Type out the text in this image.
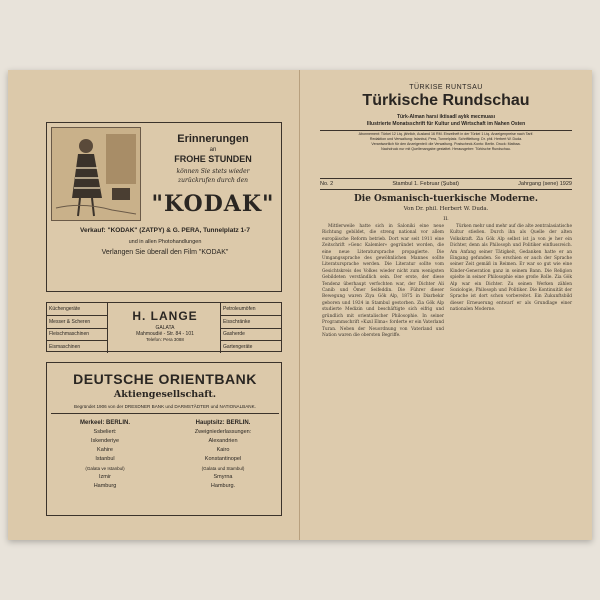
Erinnerungen
an
FROHE STUNDEN
können Sie stets wieder
zurückrufen durch den
"KODAK"
Verkauf: "KODAK" (ZATPY) & G. PERA, Tunnelplatz 1-7
und in allen Photohandlungen
Verlangen Sie überall den Film "KODAK"
Küchengeräte
Messer & Scheren
Fleischmaschinen
Eismaschinen
H. LANGE
GALATA
Mahmoudié - Str. 84 - 101
Telefon: Pera 3088
Petroleumöfen
Eisschränke
Gasherde
Gartengeräte
DEUTSCHE ORIENTBANK
Aktiengesellschaft.
Begründet 1906 von der DRESDNER BANK und DARMSTÄDTER und NATIONALBANK.
Merkeel: BERLIN.
Ssbeliert:
Iskenderiye
Kahire
Istanbul
(Galata ve Istanbul)
Izmir
Hamburg
Hauptsitz: BERLIN.
Zweigniederlassungen:
Alexandrien
Kairo
Konstantinopel
(Galata und Stambul)
Smyrna
Hamburg.
TÜRKISE RUNTSAU
Türkische Rundschau
Türk-Alman harsi iktisadî aylık mecmuası
Illustrierte Monatsschrift für Kultur und Wirtschaft im Nahen Osten
Abonnement: Türkei 12 Ltq. jährlich, Ausland 16 RM. Einzelheft in der Türkei 1 Ltq. Anzeigenpreise nach Tarif.
Redaktion und Verwaltung: Istanbul, Pera, Tunnelplatz. Schriftleitung: Dr. phil. Herbert W. Duda.
Verantwortlich für den Anzeigenteil: die Verwaltung. Postscheck-Konto: Berlin. Druck: Matbaa.
Nachdruck nur mit Quellenangabe gestattet. Herausgeber: Türkische Rundschau.
No. 2	Stambul 1. Februar (Şubat)	Jahrgang (sene) 1929
Die Osmanisch-tuerkische Moderne.
Von Dr. phil. Herbert W. Duda.
II.

Mittlerweile hatte sich in Saloniki eine neue Richtung gebildet, die streng national vor allem europäische Reform betrieb. Dort war seit 1911 eine Zeitschrift »Genc Kalemler« gegründet worden, die eine neue Literatursprache propagierte. Die Umgangssprache des gewöhnlichen Mannes sollte Literatursprache werden. Die Literatur sollte vom Gesichtskreis des Volkes wieder nicht zum wenigsten Gebildeten verständlich sein. Der erste, der diese Tendenz überhaupt verfochten war, der Dichter Ali Canib und Ömer Seifeddin. Die Führer dieser Bewegung waren Ziya Gök Alp, 1875 in Diarbekir geboren und 1924 in Stambul gestorben. Zia Gök Alp studierte Medizin und beschäftigte sich eifrig und gründlich mit orientalischer Philosophie. In seiner Programmschrift »Kızıl Elma« forderte er ein Vaterland Turan. Neben der Neuordnung von Vaterland und Nation waren die obersten Begriffe.

Türken mehr und mehr auf die alte zentralasiatische Kultur stießen. Durch ihn als Quelle der alten Volkskraft. Zia Gök Alp selbst ist ja von je her ein Dichter, denn als Philosoph und Politiker einflussreich. Am Anfang seiner Tätigkeit, Gedanken hatte er an Eingang gefunden. So erschien er auch der Sprache seiner Zeit gemäß in Reimen. Er war so gut wie eine Kinder-Generation ganz in seinem Bann. Die Religion spielte in seiner Philosophie eine große Rolle. Zia Gök Alp war ein Dichter. Zu seinen Werken zählen Soziologie, Philosoph und Politiker. Die Kontinuität der Sprache ist dort schon vorbereitet. Ein Zukunftsbild dieser Erneuerung entwarf er als Grundlage einer nationalen Moderne.
